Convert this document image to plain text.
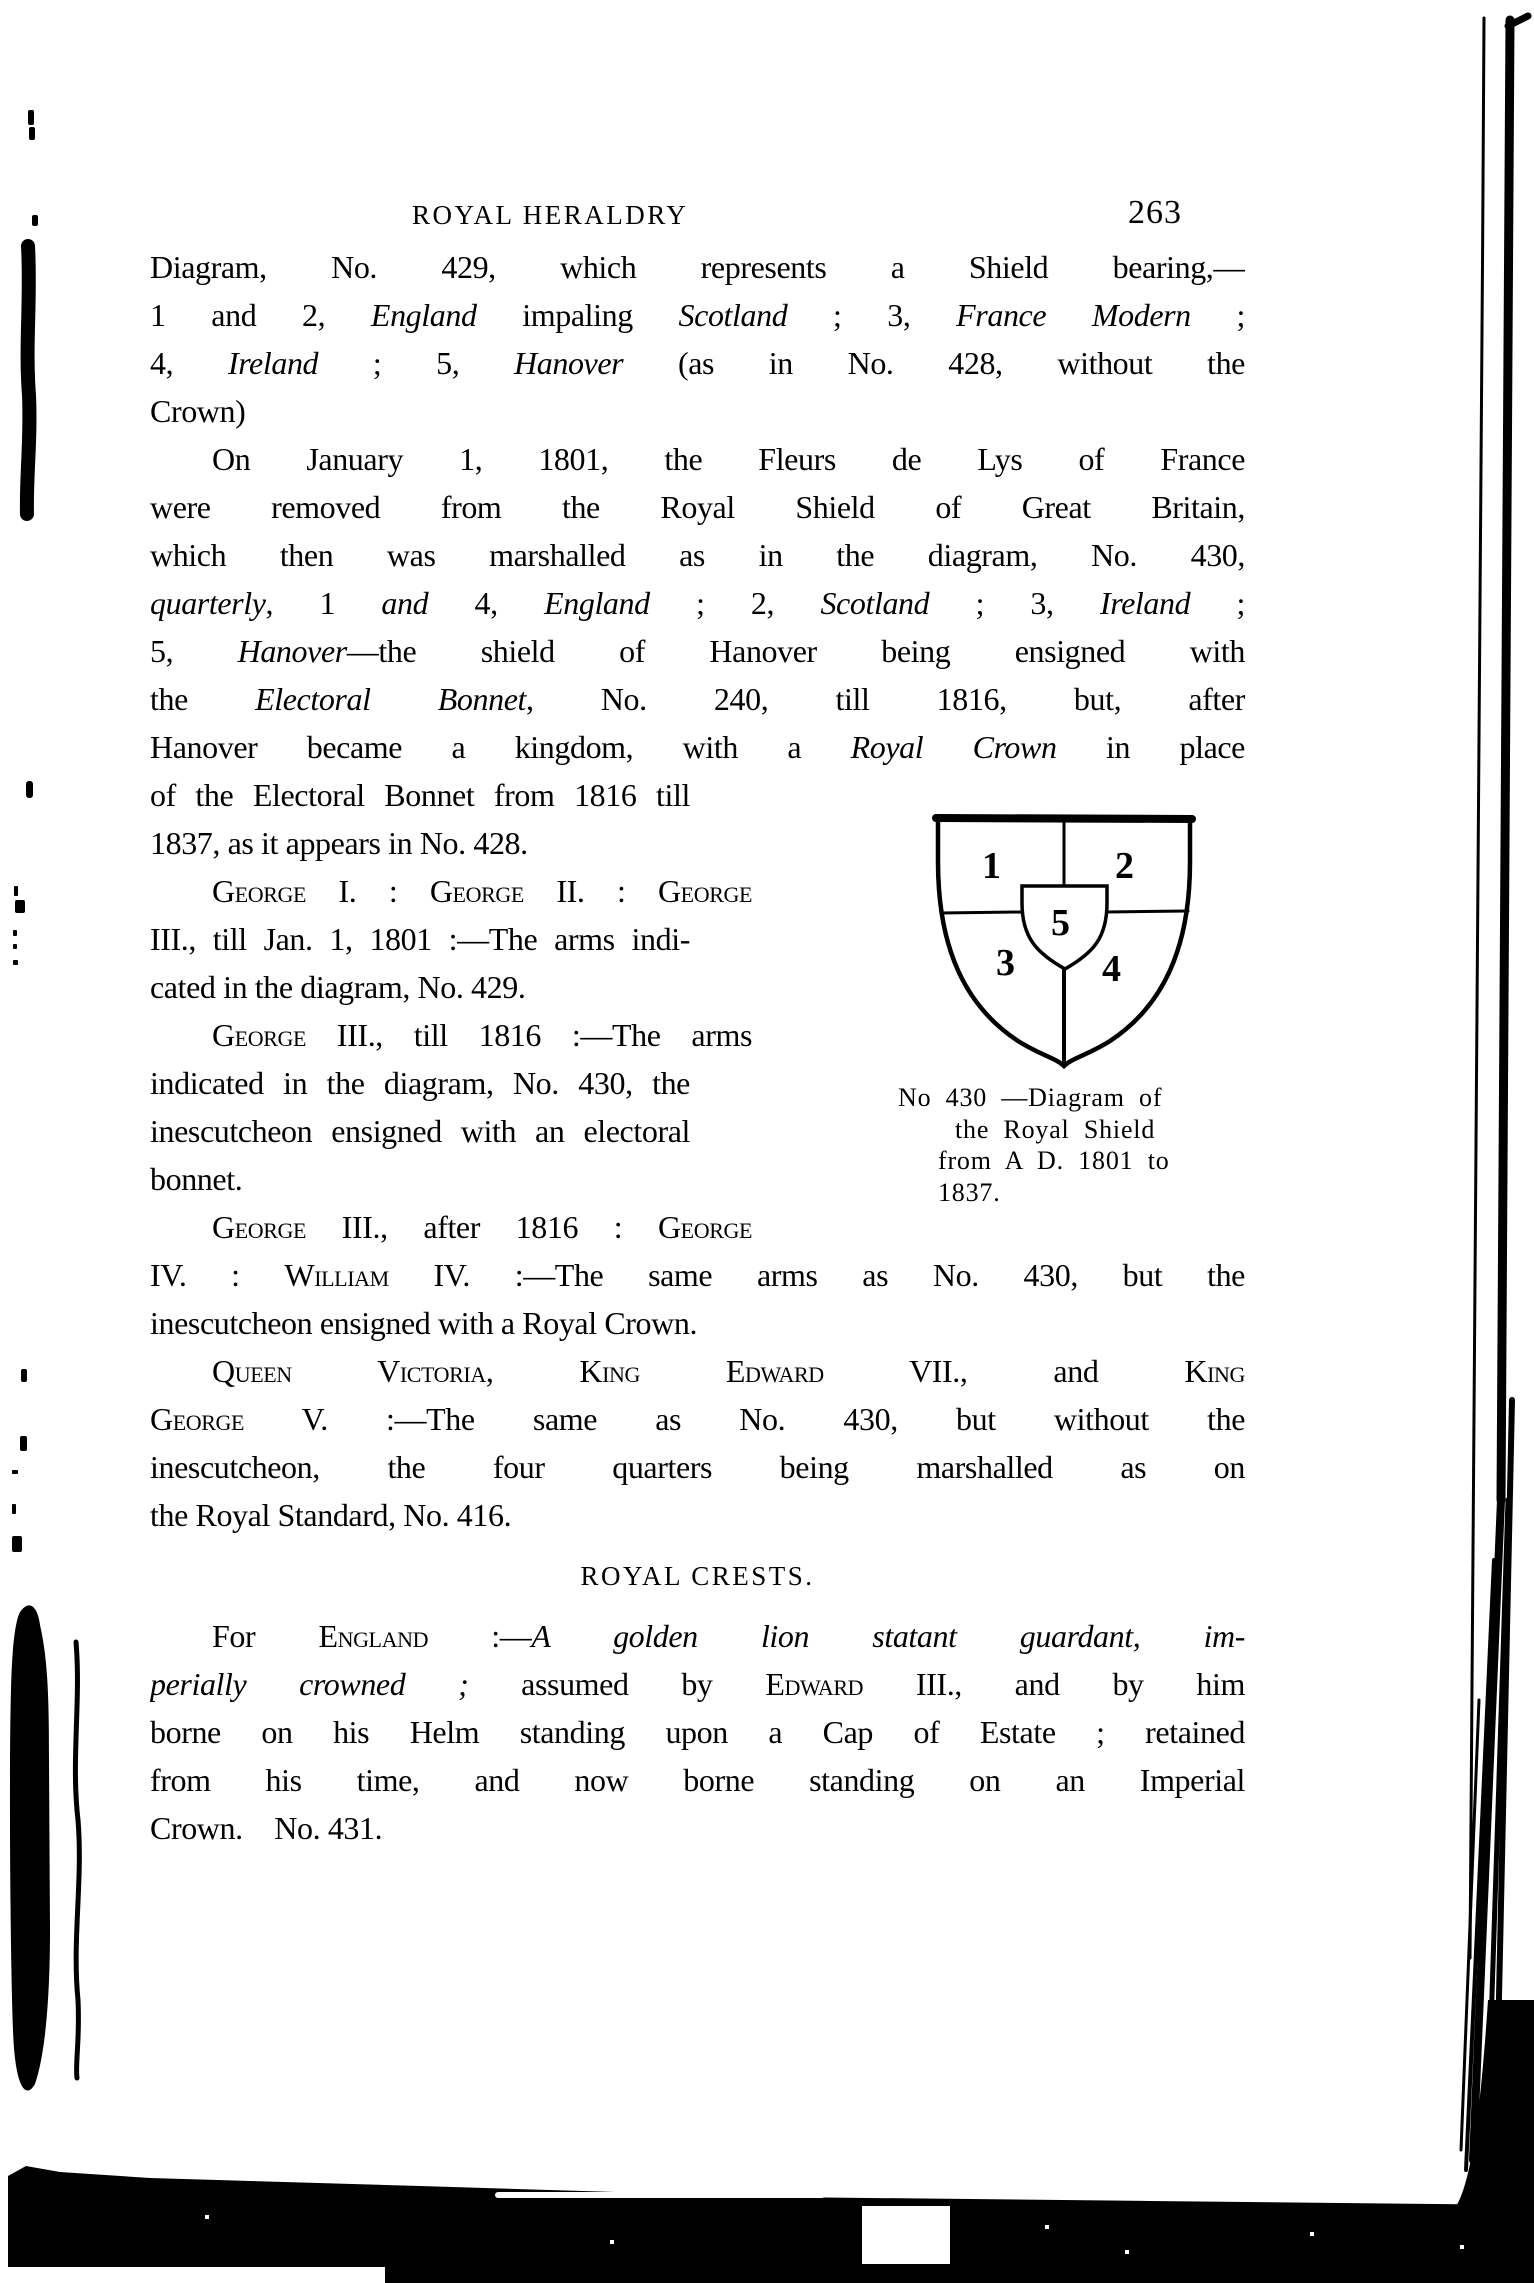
ROYAL HERALDRY	263
Diagram, No. 429, which represents a Shield bearing,—
1 and 2, England impaling Scotland ; 3, France Modern ;
4, Ireland ; 5, Hanover (as in No. 428, without the
Crown)
On January 1, 1801, the Fleurs de Lys of France
were removed from the Royal Shield of Great Britain,
which then was marshalled as in the diagram, No. 430,
quarterly, 1 and 4, England ; 2, Scotland ; 3, Ireland ;
5, Hanover—the shield of Hanover being ensigned with
the Electoral Bonnet, No. 240, till 1816, but, after
Hanover became a kingdom, with a Royal Crown in place
of the Electoral Bonnet from 1816 till
1837, as it appears in No. 428.
George I. : George II. : George
III., till Jan. 1, 1801 :—The arms indi-
cated in the diagram, No. 429.
George III., till 1816 :—The arms
indicated in the diagram, No. 430, the
inescutcheon ensigned with an electoral
bonnet.
George III., after 1816 : George
IV. : William IV. :—The same arms as No. 430, but the
inescutcheon ensigned with a Royal Crown.
Queen Victoria, King Edward VII., and King
George V. :—The same as No. 430, but without the
inescutcheon, the four quarters being marshalled as on
the Royal Standard, No. 416.
ROYAL CRESTS.
For England :—A golden lion statant guardant, im-
perially crowned ; assumed by Edward III., and by him
borne on his Helm standing upon a Cap of Estate ; retained
from his time, and now borne standing on an Imperial
Crown. No. 431.
1	2
3 4
5
No 430 —Diagram of
the Royal Shield
from A D. 1801 to
1837.
